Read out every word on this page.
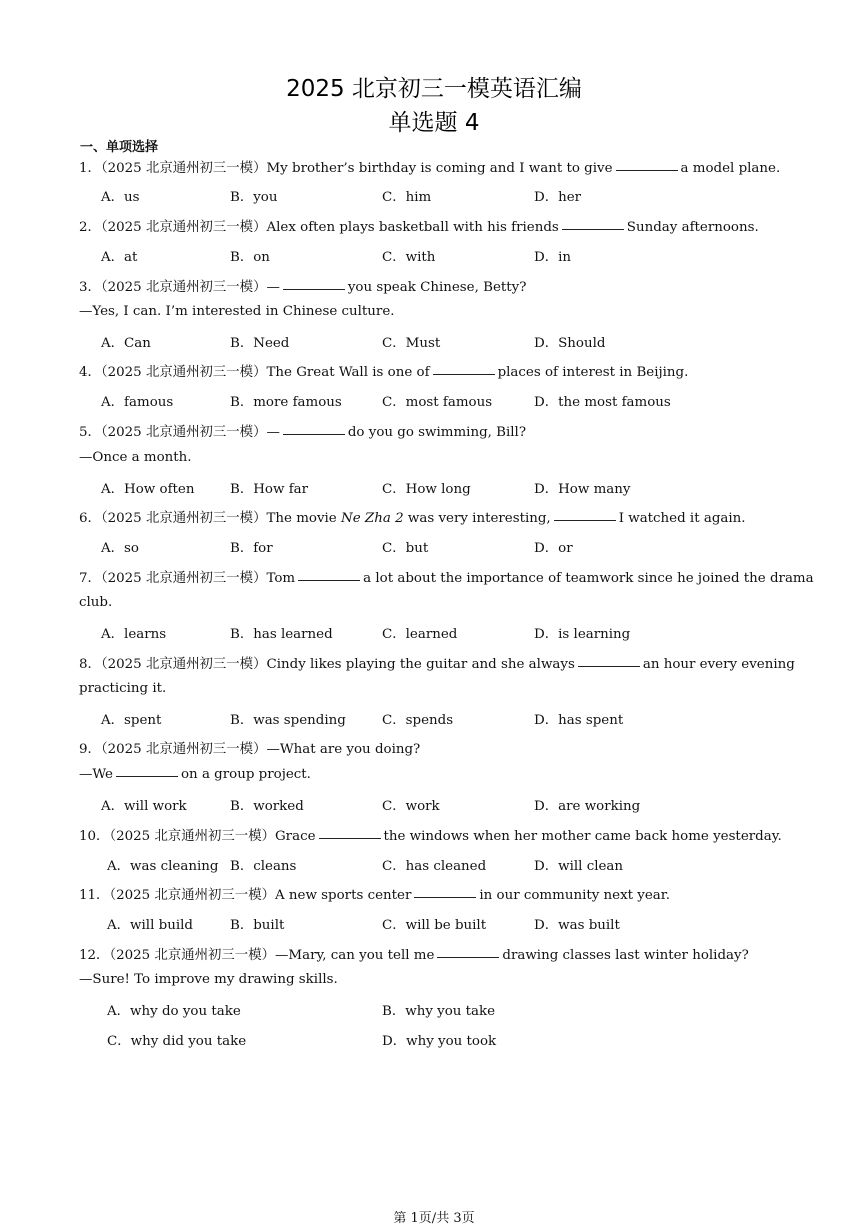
2025 北京初三一模英语汇编
单选题 4
一、单项选择
1．（2025 北京通州初三一模）My brother’s birthday is coming and I want to give	a model plane.
A．us	B．you	C．him	D．her
2．（2025 北京通州初三一模）Alex often plays basketball with his friends	Sunday afternoons.
A．at	B．on	C．with	D．in
3．（2025 北京通州初三一模）—	you speak Chinese, Betty?
—Yes, I can. I’m interested in Chinese culture.
A．Can	B．Need	C．Must	D．Should
4．（2025 北京通州初三一模）The Great Wall is one of	places of interest in Beijing.
A．famous	B．more famous	C．most famous	D．the most famous
5．（2025 北京通州初三一模）—	do you go swimming, Bill?
—Once a month.
A．How often	B．How far	C．How long	D．How many
6．（2025 北京通州初三一模）The movie Ne Zha 2 was very interesting,	I watched it again.
A．so	B．for	C．but	D．or
7．（2025 北京通州初三一模）Tom	a lot about the importance of teamwork since he joined the drama
club.
A．learns	B．has learned	C．learned	D．is learning
8．（2025 北京通州初三一模）Cindy likes playing the guitar and she always	an hour every evening
practicing it.
A．spent	B．was spending	C．spends	D．has spent
9．（2025 北京通州初三一模）—What are you doing?
—We	on a group project.
A．will work	B．worked	C．work	D．are working
10．（2025 北京通州初三一模）Grace	the windows when her mother came back home yesterday.
A．was cleaning B．cleans	C．has cleaned	D．will clean
11．（2025 北京通州初三一模）A new sports center	in our community next year.
A．will build	B．built	C．will be built	D．was built
12．（2025 北京通州初三一模）—Mary, can you tell me	drawing classes last winter holiday?
—Sure! To improve my drawing skills.
A．why do you take	B．why you take
C．why did you take	D．why you took
第 1页/共 3页
